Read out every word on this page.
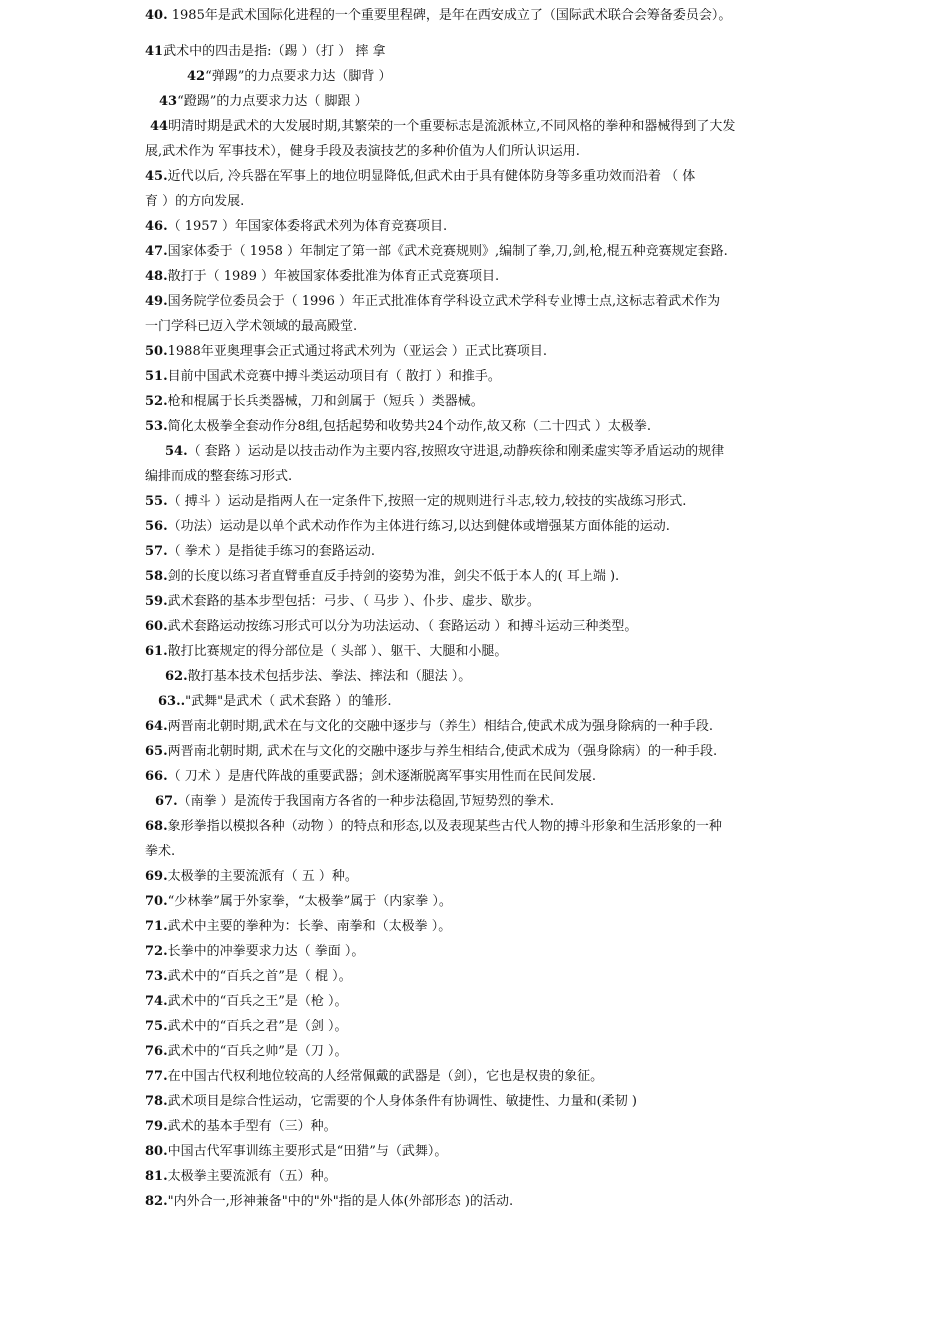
40. 1985年是武术国际化进程的一个重要里程碑，是年在西安成立了（国际武术联合会筹备委员会）。
41武术中的四击是指:（踢 ）（打 ） 摔 拿
42“弹踢”的力点要求力达（脚背 ）
43“蹬踢”的力点要求力达（ 脚跟 ）
44明清时期是武术的大发展时期,其繁荣的一个重要标志是流派林立,不同风格的拳种和器械得到了大发
展,武术作为 军事技术），健身手段及表演技艺的多种价值为人们所认识运用.
45.近代以后, 冷兵器在军事上的地位明显降低,但武术由于具有健体防身等多重功效而沿着 （ 体
育 ）的方向发展.
46.（ 1957 ）年国家体委将武术列为体育竞赛项目.
47.国家体委于（ 1958 ）年制定了第一部《武术竞赛规则》,编制了拳,刀,剑,枪,棍五种竞赛规定套路.
48.散打于（ 1989 ）年被国家体委批准为体育正式竞赛项目.
49.国务院学位委员会于（ 1996 ）年正式批准体育学科设立武术学科专业博士点,这标志着武术作为
一门学科已迈入学术领域的最高殿堂.
50.1988年亚奥理事会正式通过将武术列为（亚运会 ）正式比赛项目.
51.目前中国武术竞赛中搏斗类运动项目有（ 散打 ）和推手。
52.枪和棍属于长兵类器械，刀和剑属于（短兵 ）类器械。
53.简化太极拳全套动作分8组,包括起势和收势共24个动作,故又称（二十四式 ）太极拳.
54.（ 套路 ）运动是以技击动作为主要内容,按照攻守进退,动静疾徐和刚柔虚实等矛盾运动的规律
编排而成的整套练习形式.
55.（ 搏斗 ）运动是指两人在一定条件下,按照一定的规则进行斗志,较力,较技的实战练习形式.
56.（功法）运动是以单个武术动作作为主体进行练习,以达到健体或增强某方面体能的运动.
57.（ 拳术 ）是指徒手练习的套路运动.
58.剑的长度以练习者直臂垂直反手持剑的姿势为准，剑尖不低于本人的( 耳上端 ).
59.武术套路的基本步型包括：弓步、（ 马步 ）、仆步、虚步、歇步。
60.武术套路运动按练习形式可以分为功法运动、（ 套路运动 ）和搏斗运动三种类型。
61.散打比赛规定的得分部位是（ 头部 ）、躯干、大腿和小腿。
62.散打基本技术包括步法、拳法、摔法和（腿法 ）。
63.."武舞"是武术（ 武术套路 ）的雏形.
64.两晋南北朝时期,武术在与文化的交融中逐步与（养生）相结合,使武术成为强身除病的一种手段.
65.两晋南北朝时期, 武术在与文化的交融中逐步与养生相结合,使武术成为（强身除病）的一种手段.
66.（ 刀术 ）是唐代阵战的重要武器；剑术逐渐脱离军事实用性而在民间发展.
67.（南拳 ）是流传于我国南方各省的一种步法稳固,节短势烈的拳术.
68.象形拳指以模拟各种（动物 ）的特点和形态,以及表现某些古代人物的搏斗形象和生活形象的一种
拳术.
69.太极拳的主要流派有（ 五 ）种。
70.“少林拳”属于外家拳，“太极拳”属于（内家拳 ）。
71.武术中主要的拳种为：长拳、南拳和（太极拳 ）。
72.长拳中的冲拳要求力达（ 拳面 ）。
73.武术中的“百兵之首”是（ 棍 ）。
74.武术中的“百兵之王”是（枪 ）。
75.武术中的“百兵之君”是（剑 ）。
76.武术中的“百兵之帅”是（刀 ）。
77.在中国古代权利地位较高的人经常佩戴的武器是（剑），它也是权贵的象征。
78.武术项目是综合性运动，它需要的个人身体条件有协调性、敏捷性、力量和(柔韧 )
79.武术的基本手型有（三）种。
80.中国古代军事训练主要形式是“田猎”与（武舞）。
81.太极拳主要流派有（五）种。
82."内外合一,形神兼备"中的"外"指的是人体(外部形态 )的活动.
